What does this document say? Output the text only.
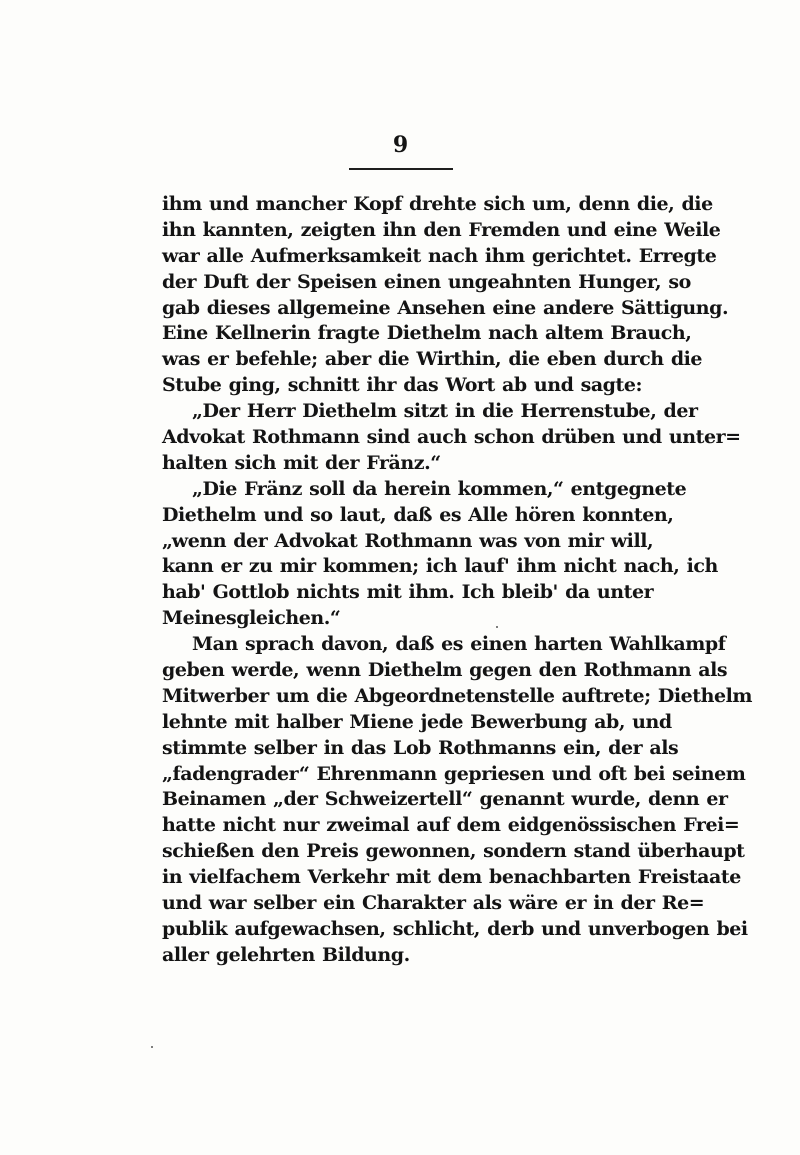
9
ihm und mancher Kopf drehte sich um, denn die, die
ihn kannten, zeigten ihn den Fremden und eine Weile
war alle Aufmerksamkeit nach ihm gerichtet. Erregte
der Duft der Speisen einen ungeahnten Hunger, so
gab dieses allgemeine Ansehen eine andere Sättigung.
Eine Kellnerin fragte Diethelm nach altem Brauch,
was er befehle; aber die Wirthin, die eben durch die
Stube ging, schnitt ihr das Wort ab und sagte:
„Der Herr Diethelm sitzt in die Herrenstube, der
Advokat Rothmann sind auch schon drüben und unter=
halten sich mit der Fränz.“
„Die Fränz soll da herein kommen,“ entgegnete
Diethelm und so laut, daß es Alle hören konnten,
„wenn der Advokat Rothmann was von mir will,
kann er zu mir kommen; ich lauf' ihm nicht nach, ich
hab' Gottlob nichts mit ihm. Ich bleib' da unter
Meinesgleichen.“
Man sprach davon, daß es einen harten Wahlkampf
geben werde, wenn Diethelm gegen den Rothmann als
Mitwerber um die Abgeordnetenstelle auftrete; Diethelm
lehnte mit halber Miene jede Bewerbung ab, und
stimmte selber in das Lob Rothmanns ein, der als
„fadengrader“ Ehrenmann gepriesen und oft bei seinem
Beinamen „der Schweizertell“ genannt wurde, denn er
hatte nicht nur zweimal auf dem eidgenössischen Frei=
schießen den Preis gewonnen, sondern stand überhaupt
in vielfachem Verkehr mit dem benachbarten Freistaate
und war selber ein Charakter als wäre er in der Re=
publik aufgewachsen, schlicht, derb und unverbogen bei
aller gelehrten Bildung.
